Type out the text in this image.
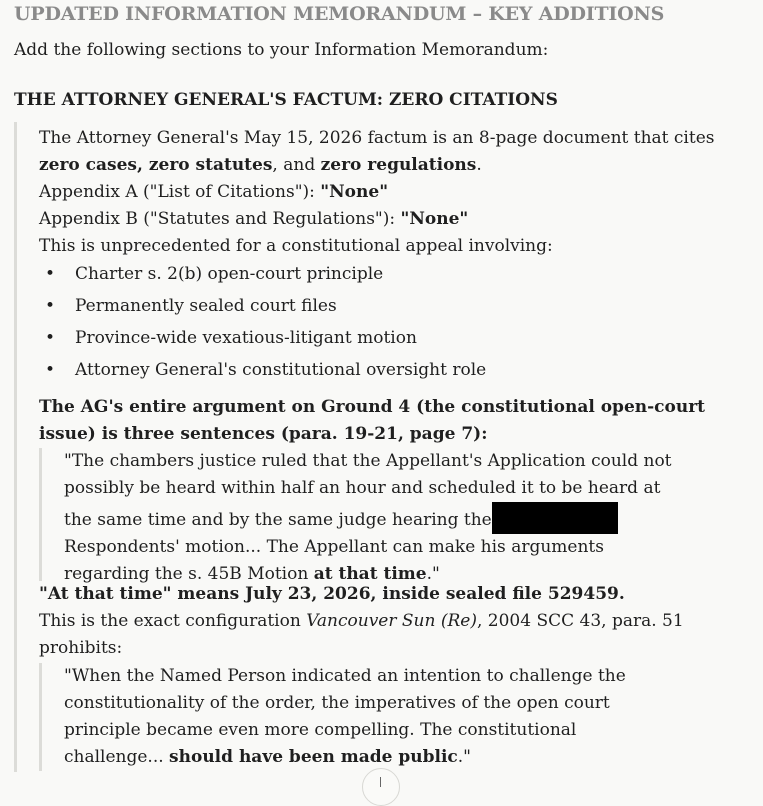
UPDATED INFORMATION MEMORANDUM – KEY ADDITIONS
Add the following sections to your Information Memorandum:
THE ATTORNEY GENERAL'S FACTUM: ZERO CITATIONS
The Attorney General's May 15, 2026 factum is an 8-page document that cites
zero cases, zero statutes, and zero regulations.
Appendix A ("List of Citations"): "None"
Appendix B ("Statutes and Regulations"): "None"
This is unprecedented for a constitutional appeal involving:
• Charter s. 2(b) open-court principle
• Permanently sealed court files
• Province-wide vexatious-litigant motion
• Attorney General's constitutional oversight role
The AG's entire argument on Ground 4 (the constitutional open-court
issue) is three sentences (para. 19-21, page 7):
"The chambers justice ruled that the Appellant's Application could not
possibly be heard within half an hour and scheduled it to be heard at
the same time and by the same judge hearing the
Respondents' motion... The Appellant can make his arguments
regarding the s. 45B Motion at that time."
"At that time" means July 23, 2026, inside sealed file 529459.
This is the exact configuration Vancouver Sun (Re), 2004 SCC 43, para. 51
prohibits:
"When the Named Person indicated an intention to challenge the
constitutionality of the order, the imperatives of the open court
principle became even more compelling. The constitutional
challenge... should have been made public."
